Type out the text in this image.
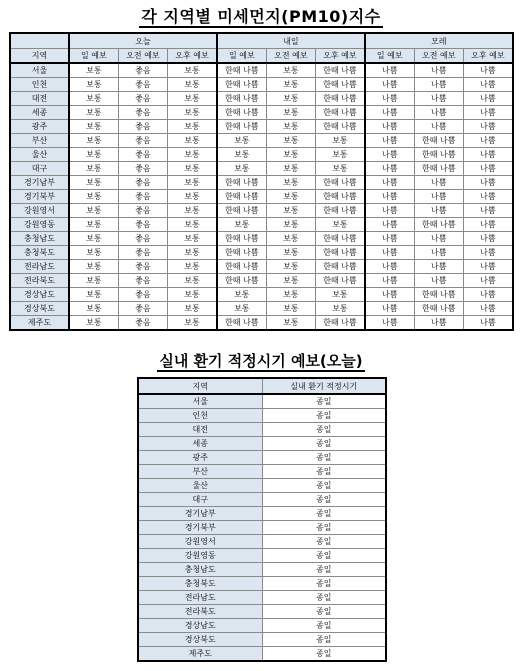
각 지역별 미세먼지(PM10)지수
	오늘			내일			모레		
지역	일 예보	오전 예보	오후 예보	일 예보	오전 예보	오후 예보	일 예보	오전 예보	오후 예보
서울	보통	좋음	보통	한때 나쁨	보통	한때 나쁨	나쁨	나쁨	나쁨
인천	보통	좋음	보통	한때 나쁨	보통	한때 나쁨	나쁨	나쁨	나쁨
대전	보통	좋음	보통	한때 나쁨	보통	한때 나쁨	나쁨	나쁨	나쁨
세종	보통	좋음	보통	한때 나쁨	보통	한때 나쁨	나쁨	나쁨	나쁨
광주	보통	좋음	보통	한때 나쁨	보통	한때 나쁨	나쁨	나쁨	나쁨
부산	보통	좋음	보통	보통	보통	보통	나쁨	한때 나쁨	나쁨
울산	보통	좋음	보통	보통	보통	보통	나쁨	한때 나쁨	나쁨
대구	보통	좋음	보통	보통	보통	보통	나쁨	한때 나쁨	나쁨
경기남부	보통	좋음	보통	한때 나쁨	보통	한때 나쁨	나쁨	나쁨	나쁨
경기북부	보통	좋음	보통	한때 나쁨	보통	한때 나쁨	나쁨	나쁨	나쁨
강원영서	보통	좋음	보통	한때 나쁨	보통	한때 나쁨	나쁨	나쁨	나쁨
강원영동	보통	좋음	보통	보통	보통	보통	나쁨	한때 나쁨	나쁨
충청남도	보통	좋음	보통	한때 나쁨	보통	한때 나쁨	나쁨	나쁨	나쁨
충청북도	보통	좋음	보통	한때 나쁨	보통	한때 나쁨	나쁨	나쁨	나쁨
전라남도	보통	좋음	보통	한때 나쁨	보통	한때 나쁨	나쁨	나쁨	나쁨
전라북도	보통	좋음	보통	한때 나쁨	보통	한때 나쁨	나쁨	나쁨	나쁨
경상남도	보통	좋음	보통	보통	보통	보통	나쁨	한때 나쁨	나쁨
경상북도	보통	좋음	보통	보통	보통	보통	나쁨	한때 나쁨	나쁨
제주도	보통	좋음	보통	한때 나쁨	보통	한때 나쁨	나쁨	나쁨	나쁨
실내 환기 적정시기 예보(오늘)
지역	실내 환기 적정시기
서울	종일
인천	종일
대전	종일
세종	종일
광주	종일
부산	종일
울산	종일
대구	종일
경기남부	종일
경기북부	종일
강원영서	종일
강원영동	종일
충청남도	종일
충청북도	종일
전라남도	종일
전라북도	종일
경상남도	종일
경상북도	종일
제주도	종일
